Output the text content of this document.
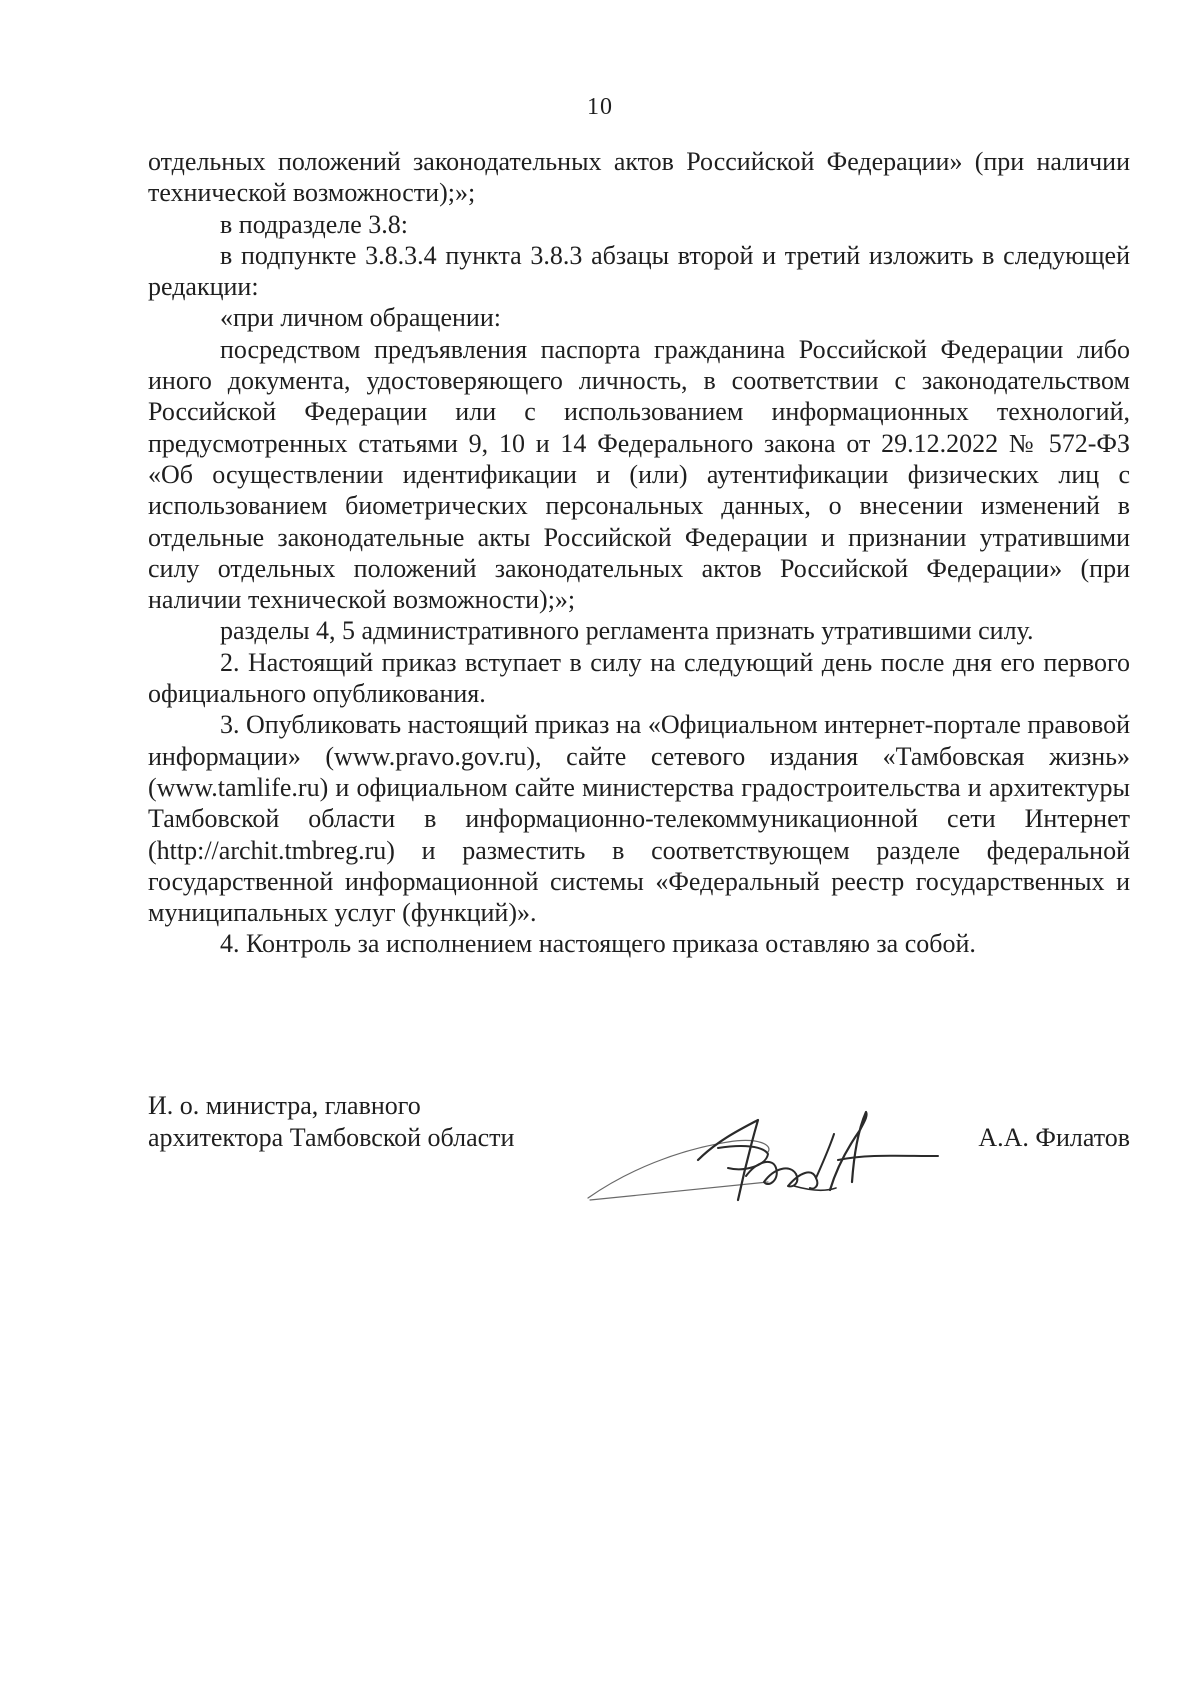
10

отдельных положений законодательных актов Российской Федерации» (при наличии технической возможности);»;

в подразделе 3.8:

в подпункте 3.8.3.4 пункта 3.8.3 абзацы второй и третий изложить в следующей редакции:

«при личном обращении:

посредством предъявления паспорта гражданина Российской Федерации либо иного документа, удостоверяющего личность, в соответствии с законодательством Российской Федерации или с использованием информационных технологий, предусмотренных статьями 9, 10 и 14 Федерального закона от 29.12.2022 № 572-ФЗ «Об осуществлении идентификации и (или) аутентификации физических лиц с использованием биометрических персональных данных, о внесении изменений в отдельные законодательные акты Российской Федерации и признании утратившими силу отдельных положений законодательных актов Российской Федерации» (при наличии технической возможности);»;

разделы 4, 5 административного регламента признать утратившими силу.

2. Настоящий приказ вступает в силу на следующий день после дня его первого официального опубликования.

3. Опубликовать настоящий приказ на «Официальном интернет-портале правовой информации» (www.pravo.gov.ru), сайте сетевого издания «Тамбовская жизнь» (www.tamlife.ru) и официальном сайте министерства градостроительства и архитектуры Тамбовской области в информационно-телекоммуникационной сети Интернет (http://archit.tmbreg.ru) и разместить в соответствующем разделе федеральной государственной информационной системы «Федеральный реестр государственных и муниципальных услуг (функций)».

4. Контроль за исполнением настоящего приказа оставляю за собой.

И. о. министра, главного
архитектора Тамбовской области	А.А. Филатов
